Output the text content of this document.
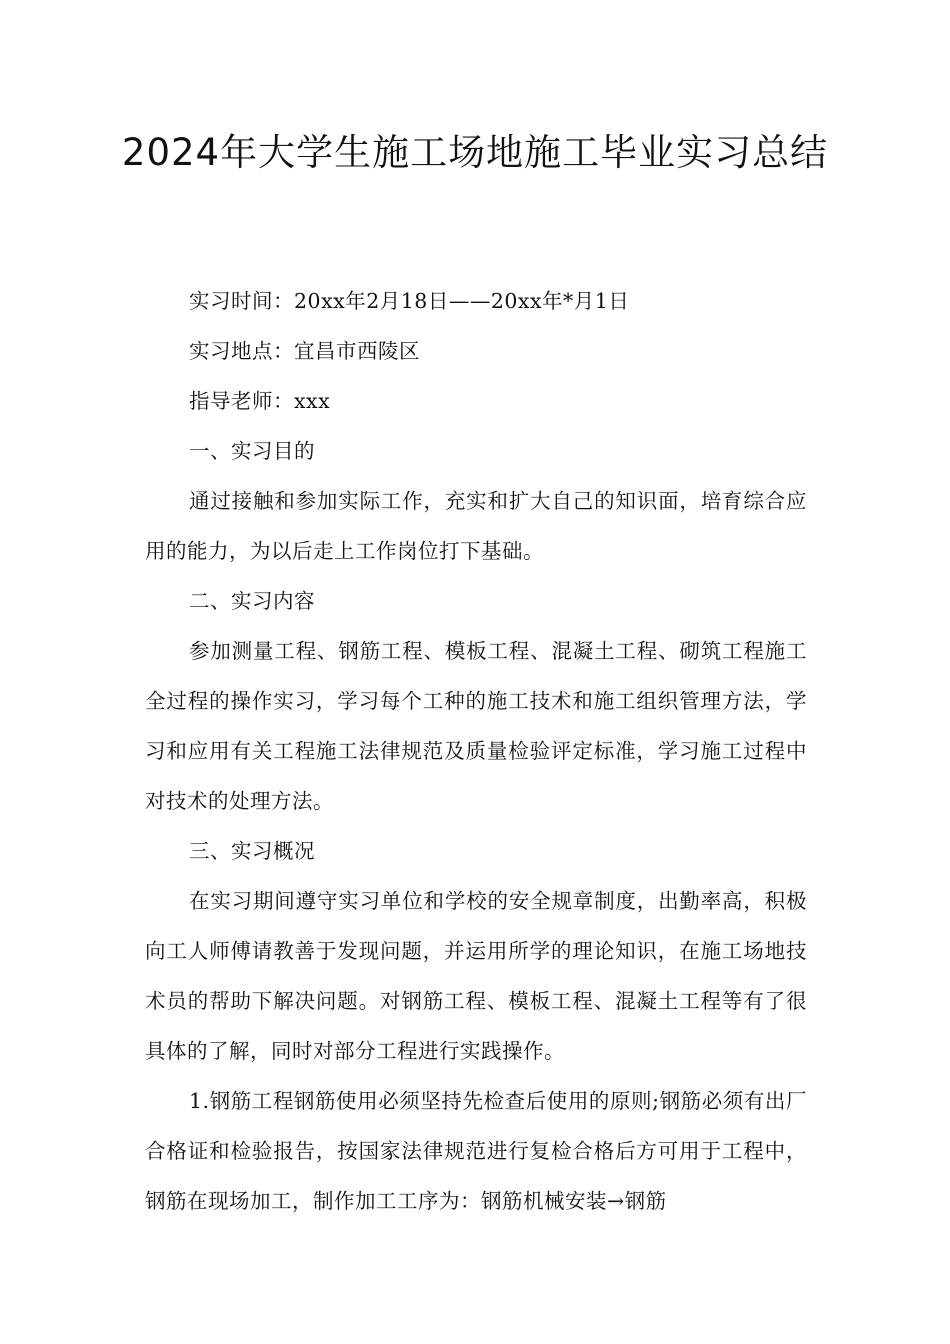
2024年大学生施工场地施工毕业实习总结

实习时间：20xx年2月18日——20xx年*月1日

实习地点：宜昌市西陵区

指导老师：xxx

一、实习目的

通过接触和参加实际工作，充实和扩大自己的知识面，培育综合应用的能力，为以后走上工作岗位打下基础。

二、实习内容

参加测量工程、钢筋工程、模板工程、混凝土工程、砌筑工程施工全过程的操作实习，学习每个工种的施工技术和施工组织管理方法，学习和应用有关工程施工法律规范及质量检验评定标准，学习施工过程中对技术的处理方法。

三、实习概况

在实习期间遵守实习单位和学校的安全规章制度，出勤率高，积极向工人师傅请教善于发现问题，并运用所学的理论知识，在施工场地技术员的帮助下解决问题。对钢筋工程、模板工程、混凝土工程等有了很具体的了解，同时对部分工程进行实践操作。

1.钢筋工程钢筋使用必须坚持先检查后使用的原则;钢筋必须有出厂合格证和检验报告，按国家法律规范进行复检合格后方可用于工程中，钢筋在现场加工，制作加工工序为：钢筋机械安装→钢筋
